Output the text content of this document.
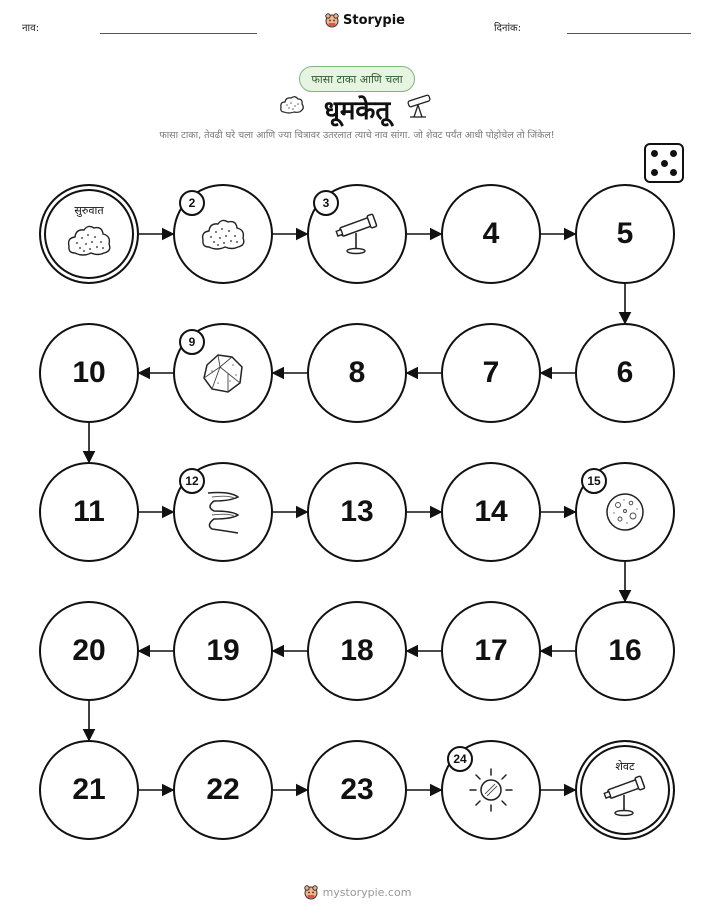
नाव:
Storypie
दिनांक:
फासा टाका आणि चला
धूमकेतू
फासा टाका, तेवढी घरे चला आणि ज्या चित्रावर उतरलात त्याचे नाव सांगा. जो शेवट पर्यंत आधी पोहोचेल तो जिंकेल!
सुरुवात
2	3
4	5
6
7
8
9
10
11
12
13	14
15
16
17
18
19
20
21	22	23
24
शेवट
mystorypie.com
